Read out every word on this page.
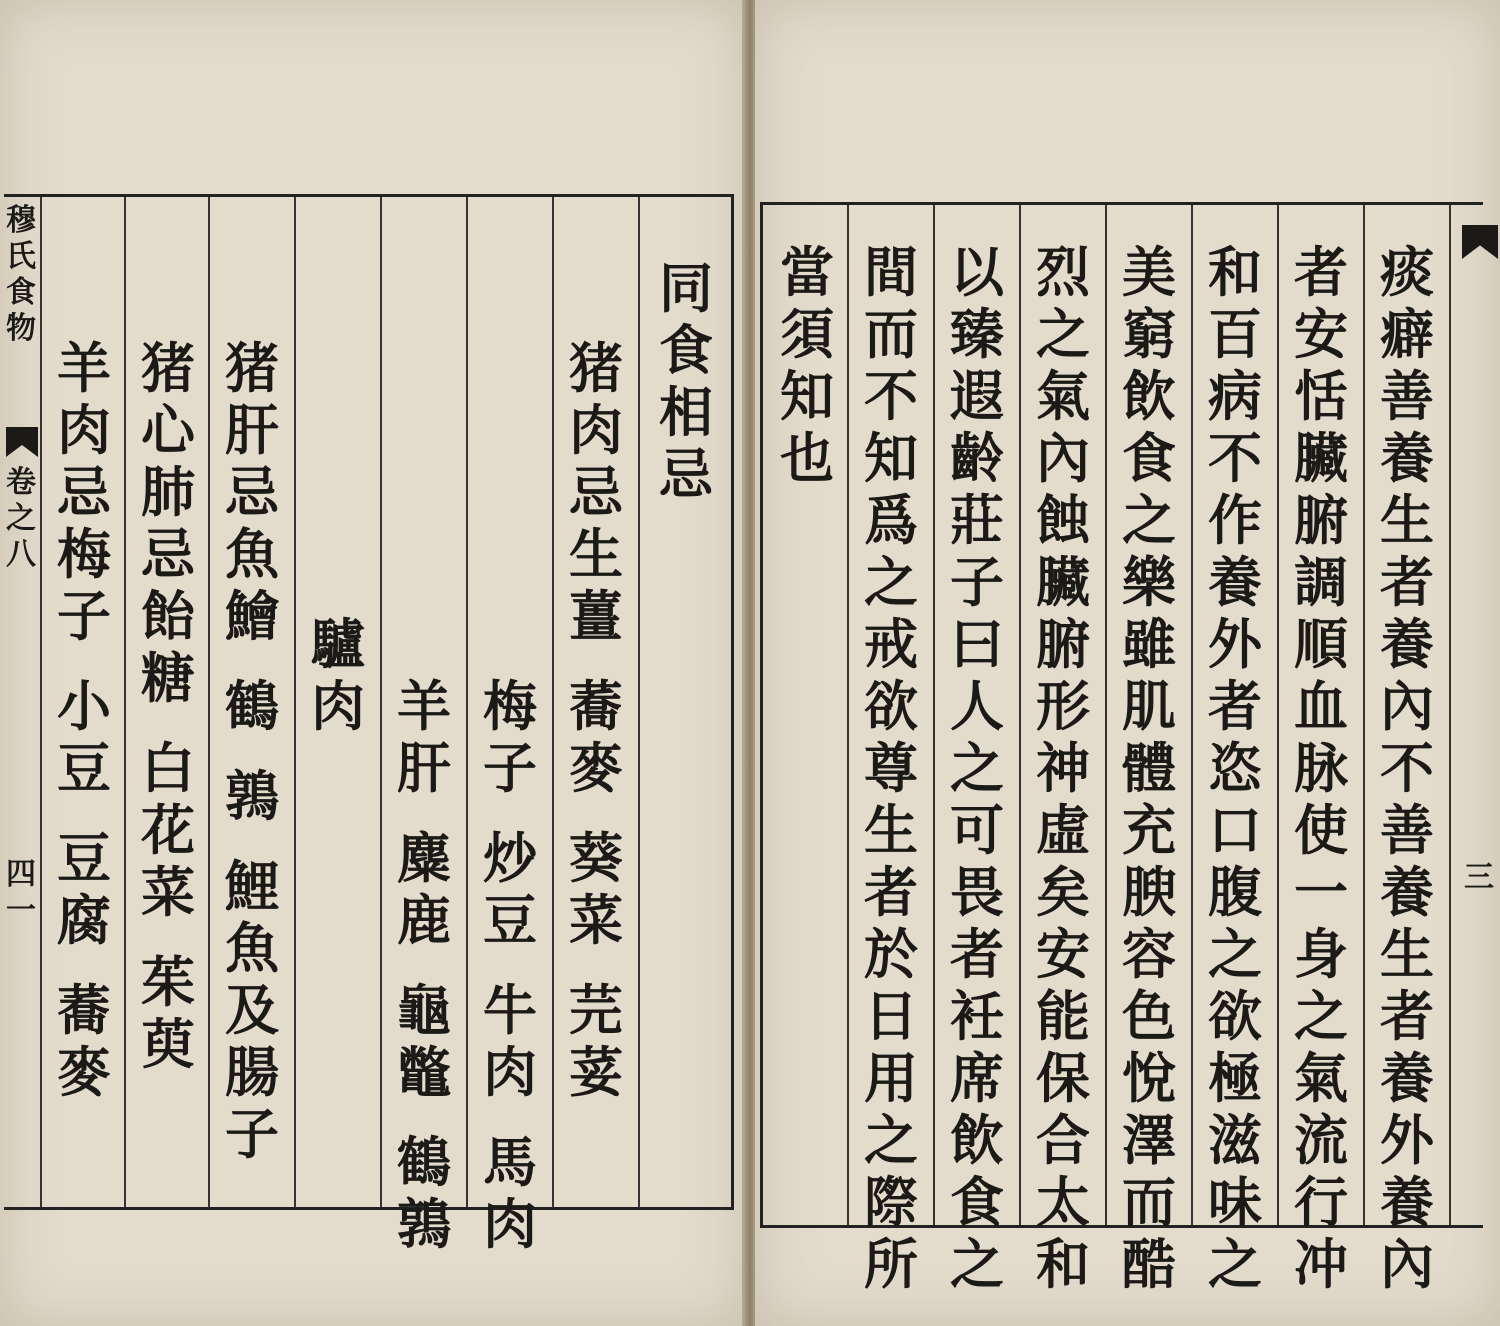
穆
氏
食
物
卷
之
八
四
一
同
食
相
忌
猪
肉
忌
生
薑
蕎
麥
葵
菜
芫
荽
梅
子
炒
豆
牛
肉
馬
肉
羊
肝
麋
鹿
龜
鼈
鶴
鶉
驢
肉
猪
肝
忌
魚
鱠
鶴
鶉
鯉
魚
及
腸
子
猪
心
肺
忌
飴
糖
白
花
菜
茱
萸
羊
肉
忌
梅
子
小
豆
豆
腐
蕎
麥
痰
癖
善
養
生
者
養
內
不
善
養
生
者
養
外
養
內
者
安
恬
臟
腑
調
順
血
脉
使
一
身
之
氣
流
行
冲
和
百
病
不
作
養
外
者
恣
口
腹
之
欲
極
滋
味
之
美
窮
飲
食
之
樂
雖
肌
體
充
腴
容
色
悅
澤
而
酷
烈
之
氣
內
蝕
臟
腑
形
神
虛
矣
安
能
保
合
太
和
以
臻
遐
齡
莊
子
曰
人
之
可
畏
者
衽
席
飲
食
之
間
而
不
知
爲
之
戒
欲
尊
生
者
於
日
用
之
際
所
當
須
知
也
三
